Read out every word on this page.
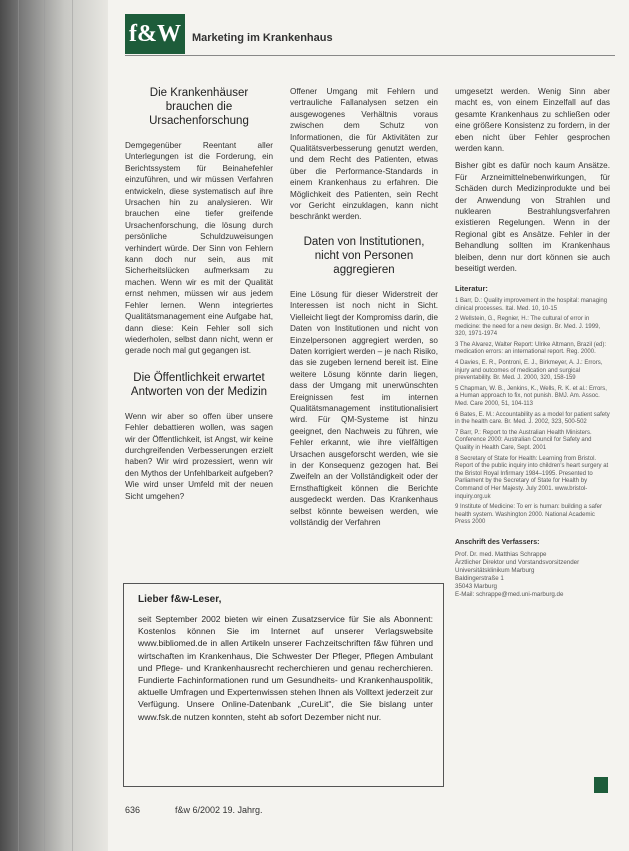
f&W	Marketing im Krankenhaus
Die Krankenhäuser brauchen die Ursachenforschung

Demgegenüber Reentant aller Unterlegungen ist die Forderung, ein Berichtssystem für Beinahefehler einzuführen, und wir müssen Verfahren entwickeln, diese systematisch auf ihre Ursachen hin zu analysieren. Wir brauchen eine tiefer greifende Ursachenforschung, die lösung durch persönliche Schuldzuweisungen verhindert würde. Der Sinn von Fehlern kann doch nur sein, aus mit Sicherheitslücken aufmerksam zu machen. Wenn wir es mit der Qualität ernst nehmen, müssen wir aus jedem Fehler lernen. Wenn integriertes Qualitätsmanagement eine Aufgabe hat, dann diese: Kein Fehler soll sich wiederholen, selbst dann nicht, wenn er gerade noch mal gut gegangen ist.

Die Öffentlichkeit erwartet Antworten von der Medizin

Wenn wir aber so offen über unsere Fehler debattieren wollen, was sagen wir der Öffentlichkeit, ist Angst, wir keine durchgreifenden Verbesserungen erzielt haben? Wir wird prozessiert, wenn wir den Mythos der Unfehlbarkeit aufgeben? Wie wird unser Umfeld mit der neuen Sicht umgehen?

Offener Umgang mit Fehlern und vertrauliche Fallanalysen setzen ein ausgewogenes Verhältnis voraus zwischen dem Schutz von Informationen, die für Aktivitäten zur Qualitätsverbesserung genutzt werden, und dem Recht des Patienten, etwas über die Performance-Standards in einem Krankenhaus zu erfahren. Die Möglichkeit des Patienten, sein Recht vor Gericht einzuklagen, kann nicht beschränkt werden.

Daten von Institutionen, nicht von Personen aggregieren

Eine Lösung für dieser Widerstreit der Interessen ist noch nicht in Sicht. Vielleicht liegt der Kompromiss darin, die Daten von Institutionen und nicht von Einzelpersonen aggregiert werden, so Daten korrigiert werden – je nach Risiko, das sie zugeben lernend bereit ist. Eine weitere Lösung könnte darin liegen, dass der Umgang mit unerwünschten Ereignissen fest im internen Qualitätsmanagement institutionalisiert wird. Für QM-Systeme ist hinzu geeignet, den Nachweis zu führen, wie Fehler erkannt, wie ihre vielfältigen Ursachen ausgeforscht werden, wie sie in der Konsequenz gezogen hat. Bei Zweifeln an der Vollständigkeit oder der Ernsthaftigkeit können die Berichte ausgedeckt werden. Das Krankenhaus selbst könnte beweisen werden, wie vollständig der Verfahren

umgesetzt werden. Wenig Sinn aber macht es, von einem Einzelfall auf das gesamte Krankenhaus zu schließen oder eine größere Konsistenz zu fordern, in der eben nicht über Fehler gesprochen werden kann.

Bisher gibt es dafür noch kaum Ansätze. Für Arzneimittelnebenwirkungen, für Schäden durch Medizinprodukte und bei der Anwendung von Strahlen und nuklearen Bestrahlungsverfahren existieren Regelungen. Wenn in der Regional gibt es Ansätze. Fehler in der Behandlung sollten im Krankenhaus bleiben, denn nur dort können sie auch beseitigt werden.

Literatur:
1 Barr, D.: Quality improvement in the hospital: managing clinical processes. Ital. Med. 10, 10-15
2 Wellstein, G., Regnier, H.: The cultural of error in medicine: the need for a new design. Br. Med. J. 1999, 320, 1971-1974
3 The Alvarez, Walter Report: Ulrike Altmann, Brazil (ed): medication errors: an international report. Reg. 2000.
4 Davies, E. R., Pontroni, E. J., Birkmeyer, A. J.: Errors, injury and outcomes of medication and surgical preventability. Br. Med. J. 2000, 320, 158-159
5 Chapman, W. B., Jenkins, K., Wells, R. K. et al.: Errors, a Human approach to fix, not punish. BMJ. Am. Assoc. Med. Care 2000, 51, 104-113
6 Bates, E. M.: Accountability as a model for patient safety in the health care. Br. Med. J. 2002, 323, 500-502
7 Barr, P.: Report to the Australian Health Ministers. Conference 2000: Australian Council for Safety and Quality in Health Care, Sept. 2001
8 Secretary of State for Health: Learning from Bristol. Report of the public inquiry into children's heart surgery at the Bristol Royal Infirmary 1984–1995. Presented to Parliament by the Secretary of State for Health by Command of Her Majesty. July 2001. www.bristol-inquiry.org.uk
9 Institute of Medicine: To err is human: building a safer health system. Washington 2000. National Academic Press 2000
Anschrift des Verfassers:
Prof. Dr. med. Matthias Schrappe
Ärztlicher Direktor und Vorstandsvorsitzender
Universitätsklinikum Marburg
Baldingerstraße 1
35043 Marburg
E-Mail: schrappe@med.uni-marburg.de
Lieber f&w-Leser,

seit September 2002 bieten wir einen Zusatzservice für Sie als Abonnent: Kostenlos können Sie im Internet auf unserer Verlagswebsite www.bibliomed.de in allen Artikeln unserer Fachzeitschriften f&w führen und wirtschaften im Krankenhaus, Die Schwester Der Pfleger, Pflegen Ambulant und Pflege- und Krankenhausrecht recherchieren und genau recherchieren. Fundierte Fachinformationen rund um Gesundheits- und Krankenhauspolitik, aktuelle Umfragen und Expertenwissen stehen Ihnen als Volltext jederzeit zur Verfügung. Unsere Online-Datenbank „CureLit", die Sie bislang unter www.fsk.de nutzen konnten, steht ab sofort Dezember nicht nur.

636	f&w 6/2002 19. Jahrg.
